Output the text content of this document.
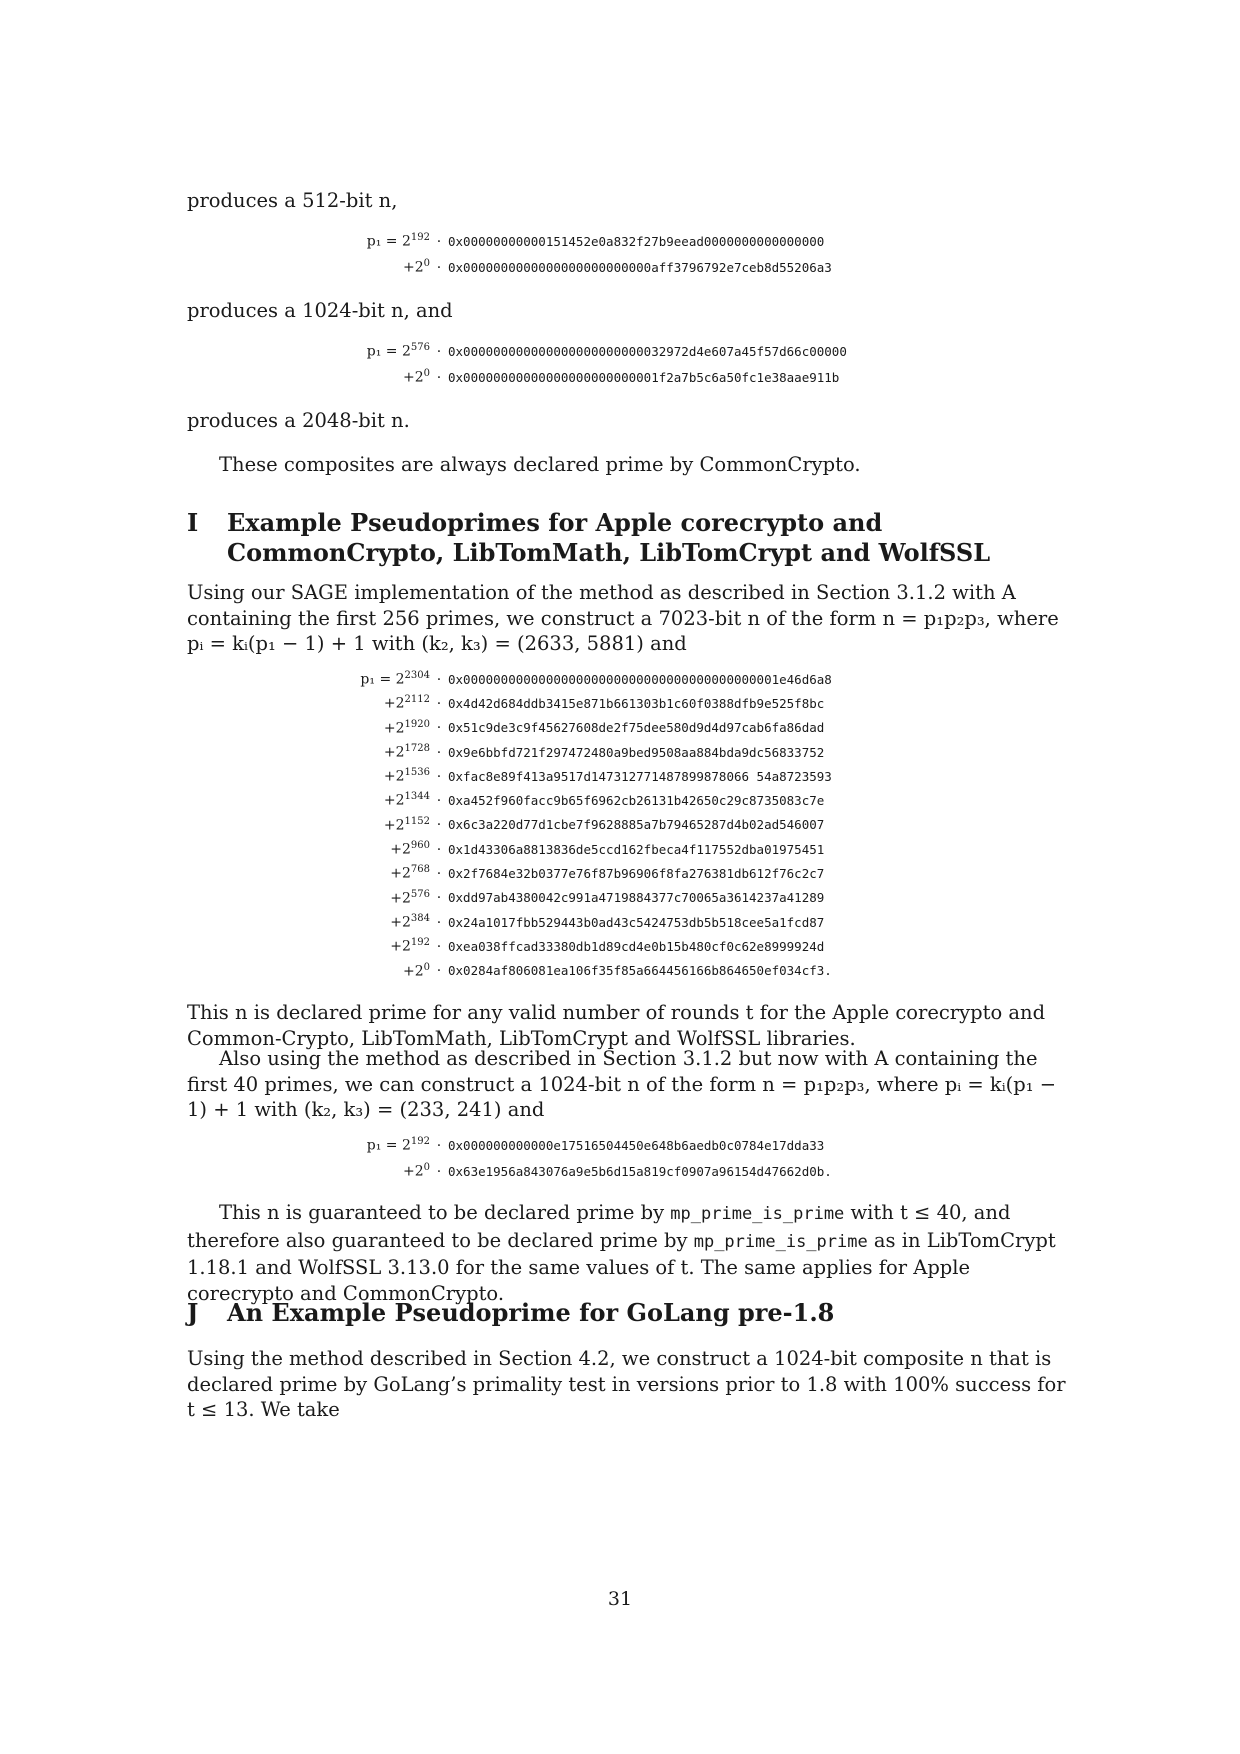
produces a 512-bit n,

$p_1 = 2^{192}$ · 0x00000000000151452e0a832f27b9eead0000000000000000
$+2^0 \cdot 0x0000000000000000000000000aff3796792e7ceb8d55206a3$

produces a 1024-bit n, and

$p_1 = 2^{576} \cdot 0x000000000000000000000000032972d4e607a45f57d66c00000$
$+2^0 \cdot 0x00000000000000000000000001f2a7b5c6a50fc1e38aae911b$

produces a 2048-bit n.

These composites are always declared prime by CommonCrypto.

I	Example Pseudoprimes for Apple corecrypto and CommonCrypto, LibTomMath, LibTomCrypt and WolfSSL

Using our SAGE implementation of the method as described in Section 3.1.2 with A containing the first 256 primes, we construct a 7023-bit n of the form n = p₁p₂p₃, where pᵢ = kᵢ(p₁ − 1) + 1 with (k₂, k₃) = (2633, 5881) and

$p_1 = 2^{2304} \cdot 0x000000000000000000000000000000000000000001e46d6a8$
$+2^{2112} \cdot 0x4d42d684ddb3415e871b661303b1c60f0388dfb9e525f8bc$
$+2^{1920} \cdot 0x51c9de3c9f45627608de2f75dee580d9d4d97cab6fa86dad$
$+2^{1728}$ · 0x9e6bbfd721f297472480a9bed9508aa884bda9dc56833752
$+2^{1536}$ · 0xfac8e89f413a9517d147312771487899878066 54a8723593
$+2^{1344}$ · 0xa452f960facc9b65f6962cb26131b42650c29c8735083c7e
$+2^{1152} \cdot 0x6c3a220d77d1cbe7f9628885a7b79465287d4b02ad546007$
$+2^{960}$ · 0x1d43306a8813836de5ccd162fbeca4f117552dba01975451
$+2^{768} \cdot 0x2f7684e32b0377e76f87b96906f8fa276381db612f76c2c7$
$+2^{576} \cdot 0xdd97ab4380042c991a4719884377c70065a3614237a41289$
$+2^{384} \cdot 0x24a1017fbb529443b0ad43c5424753db5b518cee5a1fcd87$
$+2^{192}$ · 0xea038ffcad33380db1d89cd4e0b15b480cf0c62e8999924d
$+2^0 \cdot 0x0284af806081ea106f35f85a664456166b864650ef034cf3$.

This n is declared prime for any valid number of rounds t for the Apple corecrypto and Common-Crypto, LibTomMath, LibTomCrypt and WolfSSL libraries.

Also using the method as described in Section 3.1.2 but now with A containing the first 40 primes, we can construct a 1024-bit n of the form n = p₁p₂p₃, where pᵢ = kᵢ(p₁ − 1) + 1 with (k₂, k₃) = (233, 241) and

$p_1 = 2^{192}$ · 0x000000000000e17516504450e648b6aedb0c0784e17dda33
$+2^0 \cdot 0x63e1956a843076a9e5b6d15a819cf0907a96154d47662d0b$.

This n is guaranteed to be declared prime by mp_prime_is_prime with t ≤ 40, and therefore also guaranteed to be declared prime by mp_prime_is_prime as in LibTomCrypt 1.18.1 and WolfSSL 3.13.0 for the same values of t. The same applies for Apple corecrypto and CommonCrypto.

J	An Example Pseudoprime for GoLang pre-1.8

Using the method described in Section 4.2, we construct a 1024-bit composite n that is declared prime by GoLang’s primality test in versions prior to 1.8 with 100% success for t ≤ 13. We take

31
